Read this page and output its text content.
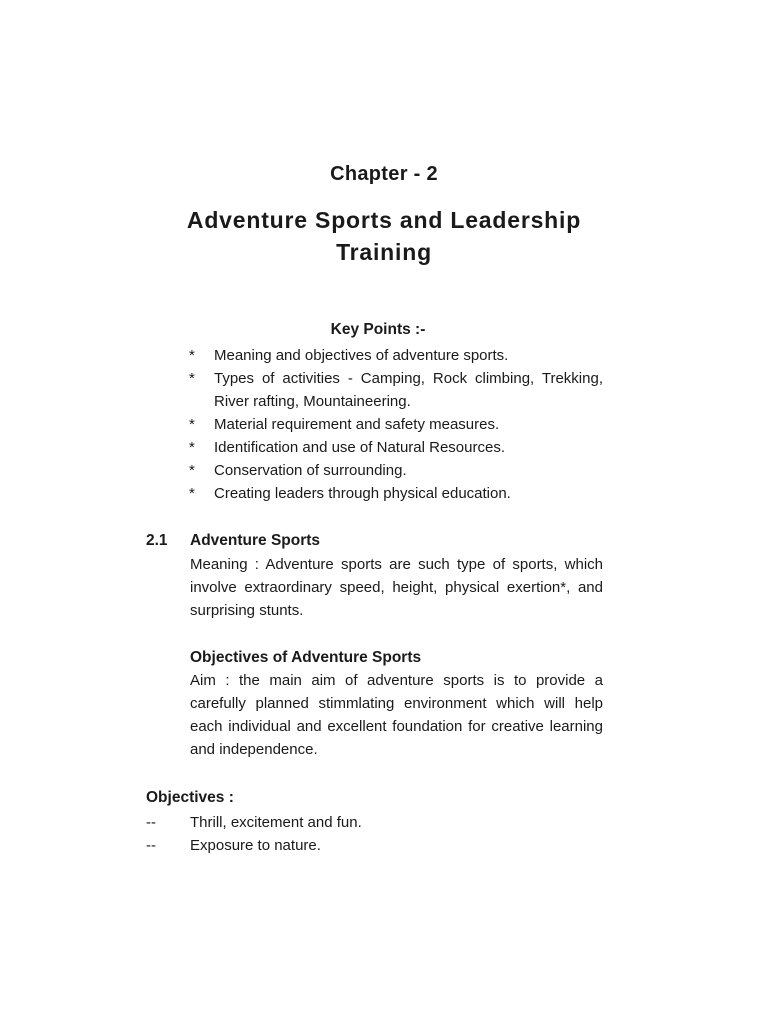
Chapter - 2
Adventure Sports and Leadership
Training
Key Points :-
* Meaning and objectives of adventure sports.
* Types of activities - Camping, Rock climbing, Trekking, River rafting, Mountaineering.
* Material requirement and safety measures.
* Identification and use of Natural Resources.
* Conservation of surrounding.
* Creating leaders through physical education.
2.1 Adventure Sports

Meaning : Adventure sports are such type of sports, which involve extraordinary speed, height, physical exertion*, and surprising stunts.

Objectives of Adventure Sports

Aim : the main aim of adventure sports is to provide a carefully planned stimmlating environment which will help each individual and excellent foundation for creative learning and independence.

Objectives :
-- Thrill, excitement and fun.
-- Exposure to nature.
